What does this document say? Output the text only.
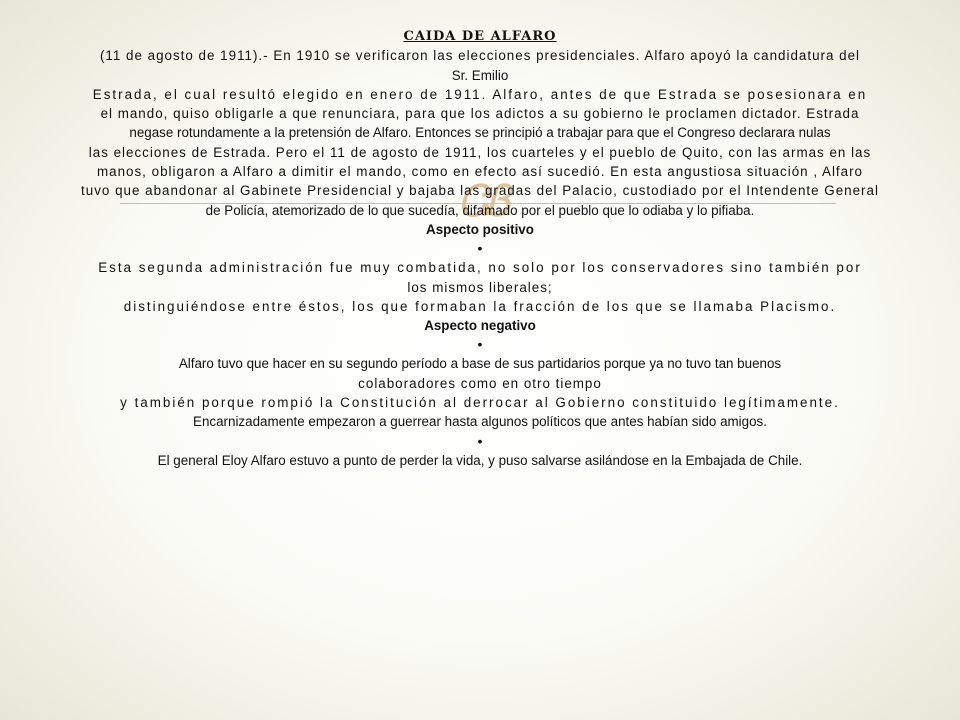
ᏣᏰ

CAIDA DE ALFARO

(11 de agosto de 1911).- En 1910 se verificaron las elecciones presidenciales. Alfaro apoyó la candidatura del

Sr. Emilio

Estrada, el cual resultó elegido en enero de 1911. Alfaro, antes de que Estrada se posesionara en

el mando, quiso obligarle a que renunciara, para que los adictos a su gobierno le proclamen dictador. Estrada

negase rotundamente a la pretensión de Alfaro. Entonces se principió a trabajar para que el Congreso declarara nulas

las elecciones de Estrada. Pero el 11 de agosto de 1911, los cuarteles y el pueblo de Quito, con las armas en las

manos, obligaron a Alfaro a dimitir el mando, como en efecto así sucedió. En esta angustiosa situación , Alfaro

tuvo que abandonar al Gabinete Presidencial y bajaba las gradas del Palacio, custodiado por el Intendente General

de Policía, atemorizado de lo que sucedía, difamado por el pueblo que lo odiaba y lo pifiaba.

Aspecto positivo

•

Esta segunda administración fue muy combatida, no solo por los conservadores sino también por

los mismos liberales;

distinguiéndose entre éstos, los que formaban la fracción de los que se llamaba Placismo.

Aspecto negativo

•

Alfaro tuvo que hacer en su segundo período a base de sus partidarios porque ya no tuvo tan buenos

colaboradores como en otro tiempo

y también porque rompió la Constitución al derrocar al Gobierno constituido legítimamente.

Encarnizadamente empezaron a guerrear hasta algunos políticos que antes habían sido amigos.

•

El general Eloy Alfaro estuvo a punto de perder la vida, y puso salvarse asilándose en la Embajada de Chile.
